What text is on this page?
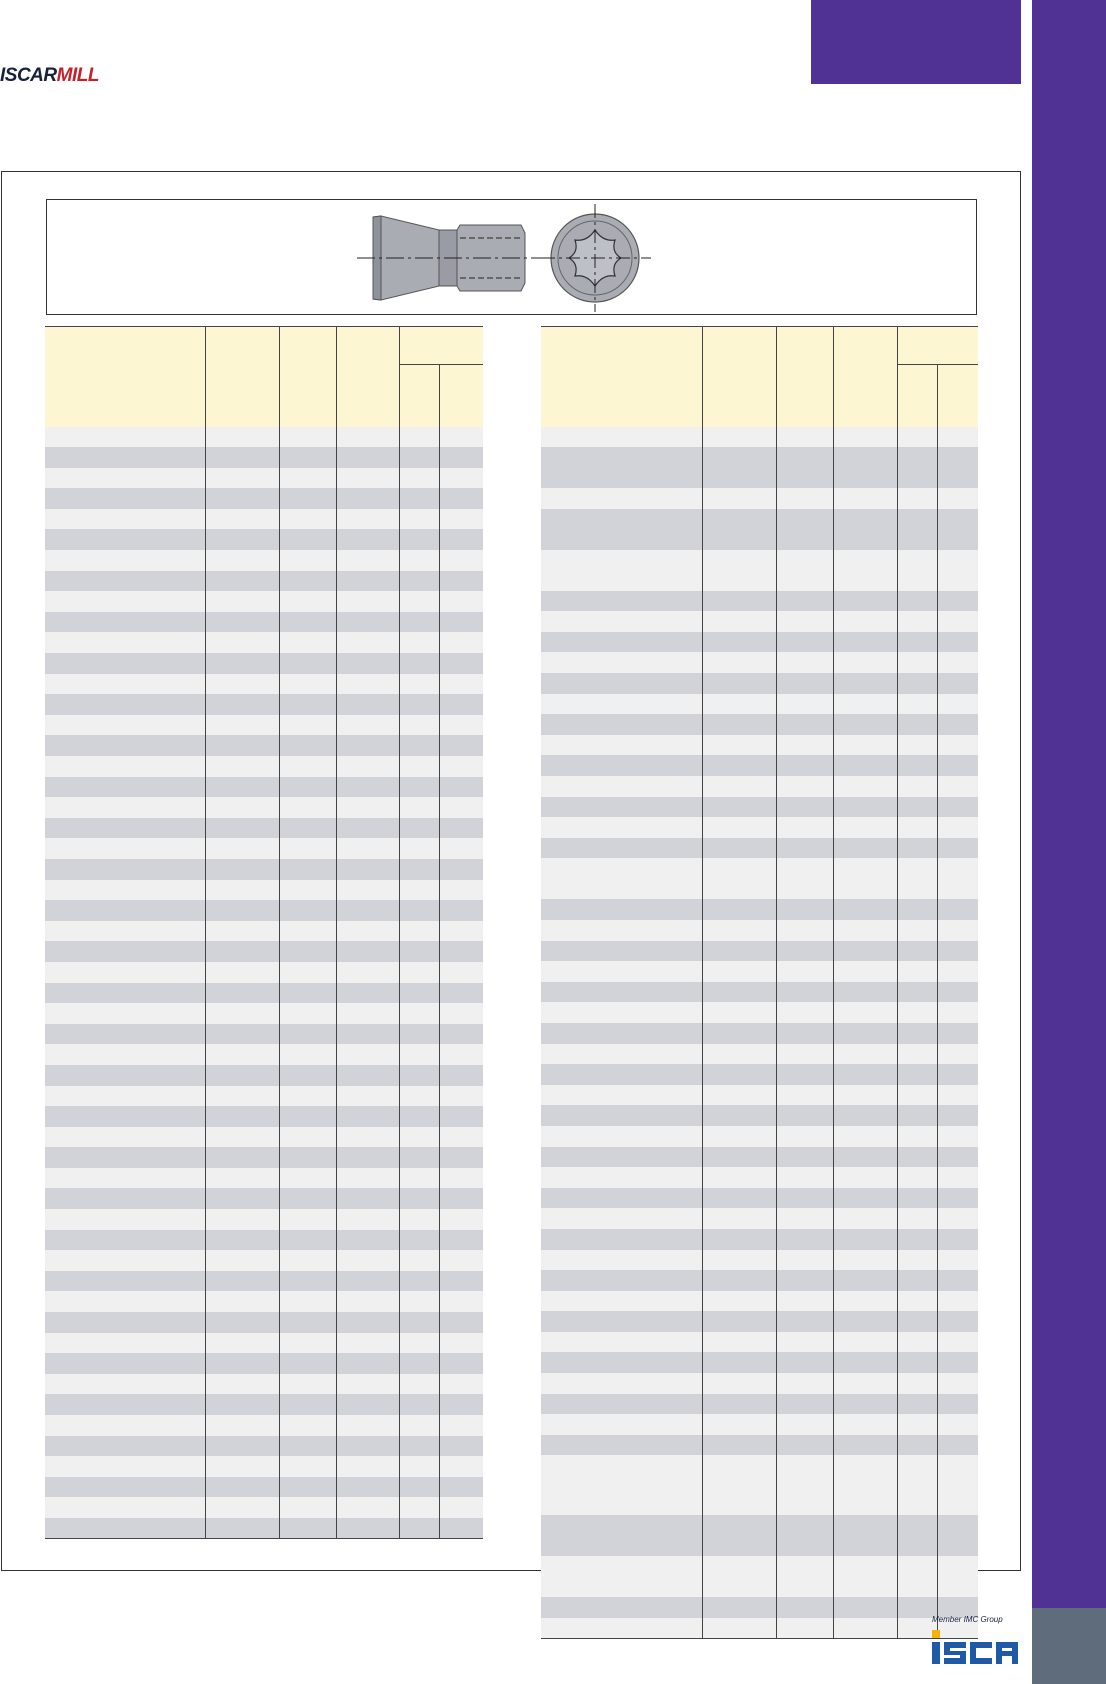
ISCARMILL

Member IMC Group
